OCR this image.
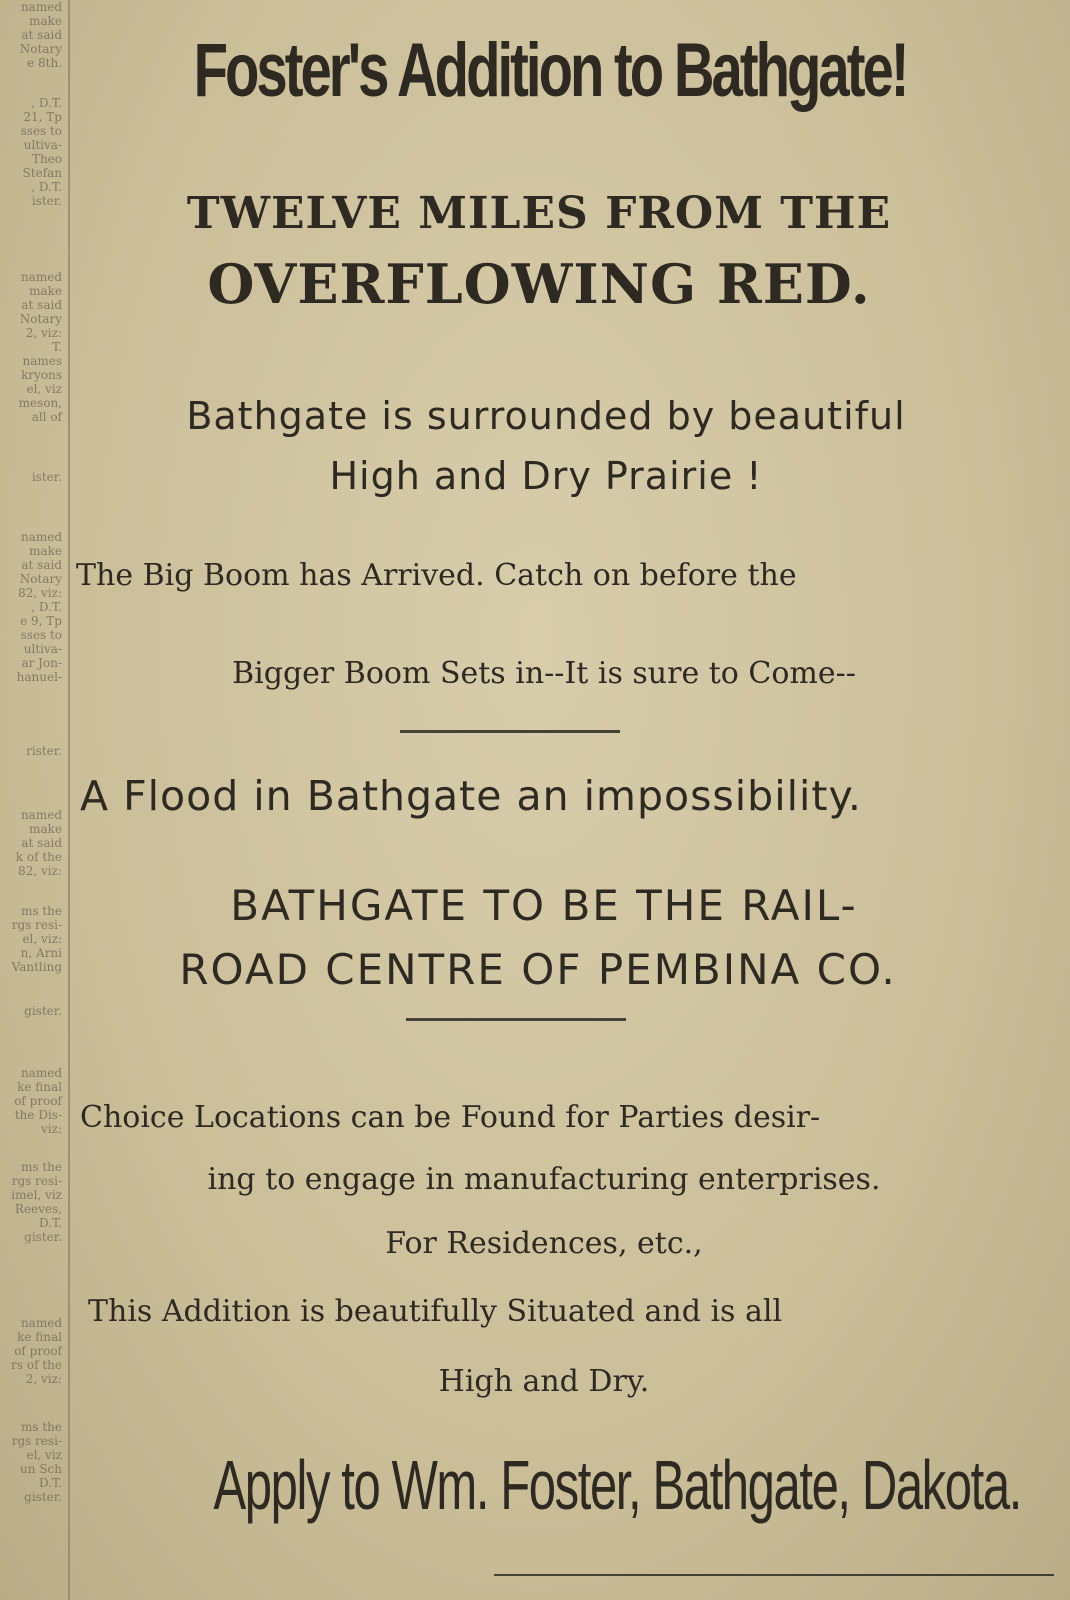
named
make
at said
Notary
e 8th.
, D.T.
21, Tp
sses to
ultiva-
Theo
Stefan
, D.T.
ister.
named
make
at said
Notary
2, viz:
T.
names
kryons
el, viz
meson,
all of
ister.
named
make
at said
Notary
82, viz:
, D.T.
e 9, Tp
sses to
ultiva-
ar Jon-
hanuel-
rister.
named
make
at said
k of the
82, viz:
ms the
rgs resi-
el, viz:
n, Arni
Vantling
gister.
named
ke final
of proof
the Dis-
viz:
ms the
rgs resi-
imel, viz
Reeves,
D.T.
gister.
named
ke final
of proof
rs of the
2, viz:
ms the
rgs resi-
el, viz
un Sch
D.T.
gister.
Foster's Addition to Bathgate!
TWELVE MILES FROM THE
OVERFLOWING RED.
Bathgate is surrounded by beautiful
High and Dry Prairie !
The Big Boom has Arrived. Catch on before the
Bigger Boom Sets in--It is sure to Come--
A Flood in Bathgate an impossibility.
BATHGATE TO BE THE RAIL-
ROAD CENTRE OF PEMBINA CO.
Choice Locations can be Found for Parties desir-
ing to engage in manufacturing enterprises.
For Residences, etc.,
This Addition is beautifully Situated and is all
High and Dry.
Apply to Wm. Foster, Bathgate, Dakota.
